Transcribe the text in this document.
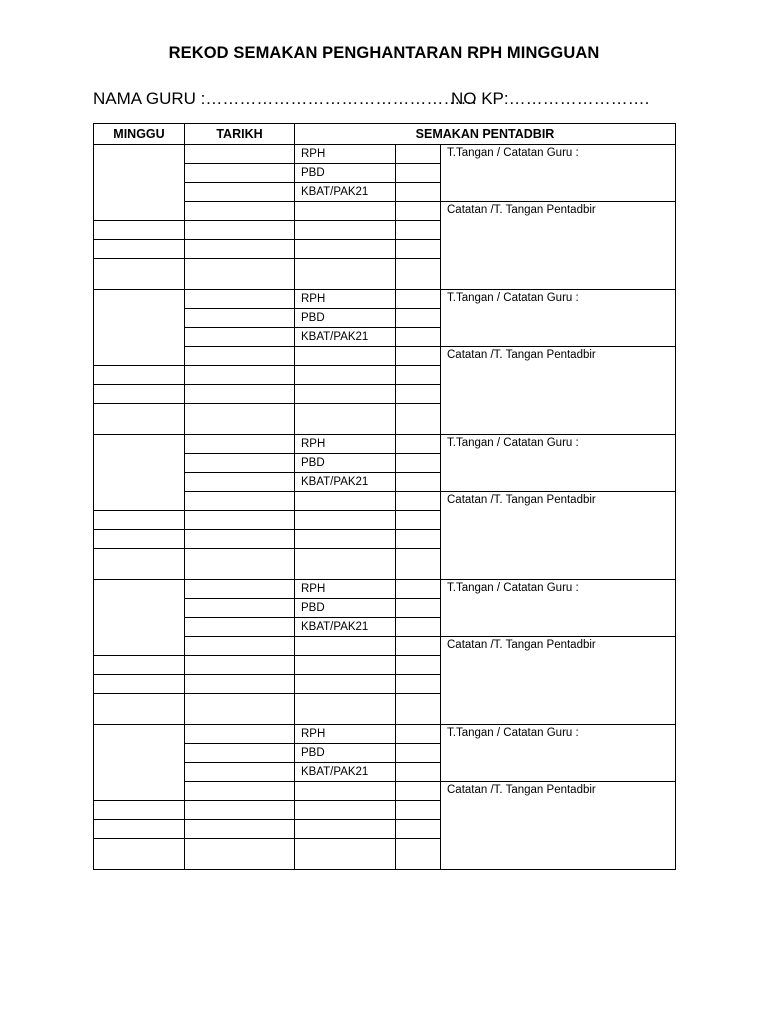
REKOD SEMAKAN PENGHANTARAN RPH MINGGUAN
NAMA GURU :…………………………………………
NO KP:…………………….
MINGGU	TARIKH	SEMAKAN PENTADBIR		
		RPH		T.Tangan / Catatan Guru :
		PBD		
		KBAT/PAK21		
				Catatan /T. Tangan Pentadbir

		RPH		T.Tangan / Catatan Guru :
		PBD		
		KBAT/PAK21		
				Catatan /T. Tangan Pentadbir

		RPH		T.Tangan / Catatan Guru :
		PBD		
		KBAT/PAK21		
				Catatan /T. Tangan Pentadbir

		RPH		T.Tangan / Catatan Guru :
		PBD		
		KBAT/PAK21		
				Catatan /T. Tangan Pentadbir

		RPH		T.Tangan / Catatan Guru :
		PBD		
		KBAT/PAK21		
				Catatan /T. Tangan Pentadbir
